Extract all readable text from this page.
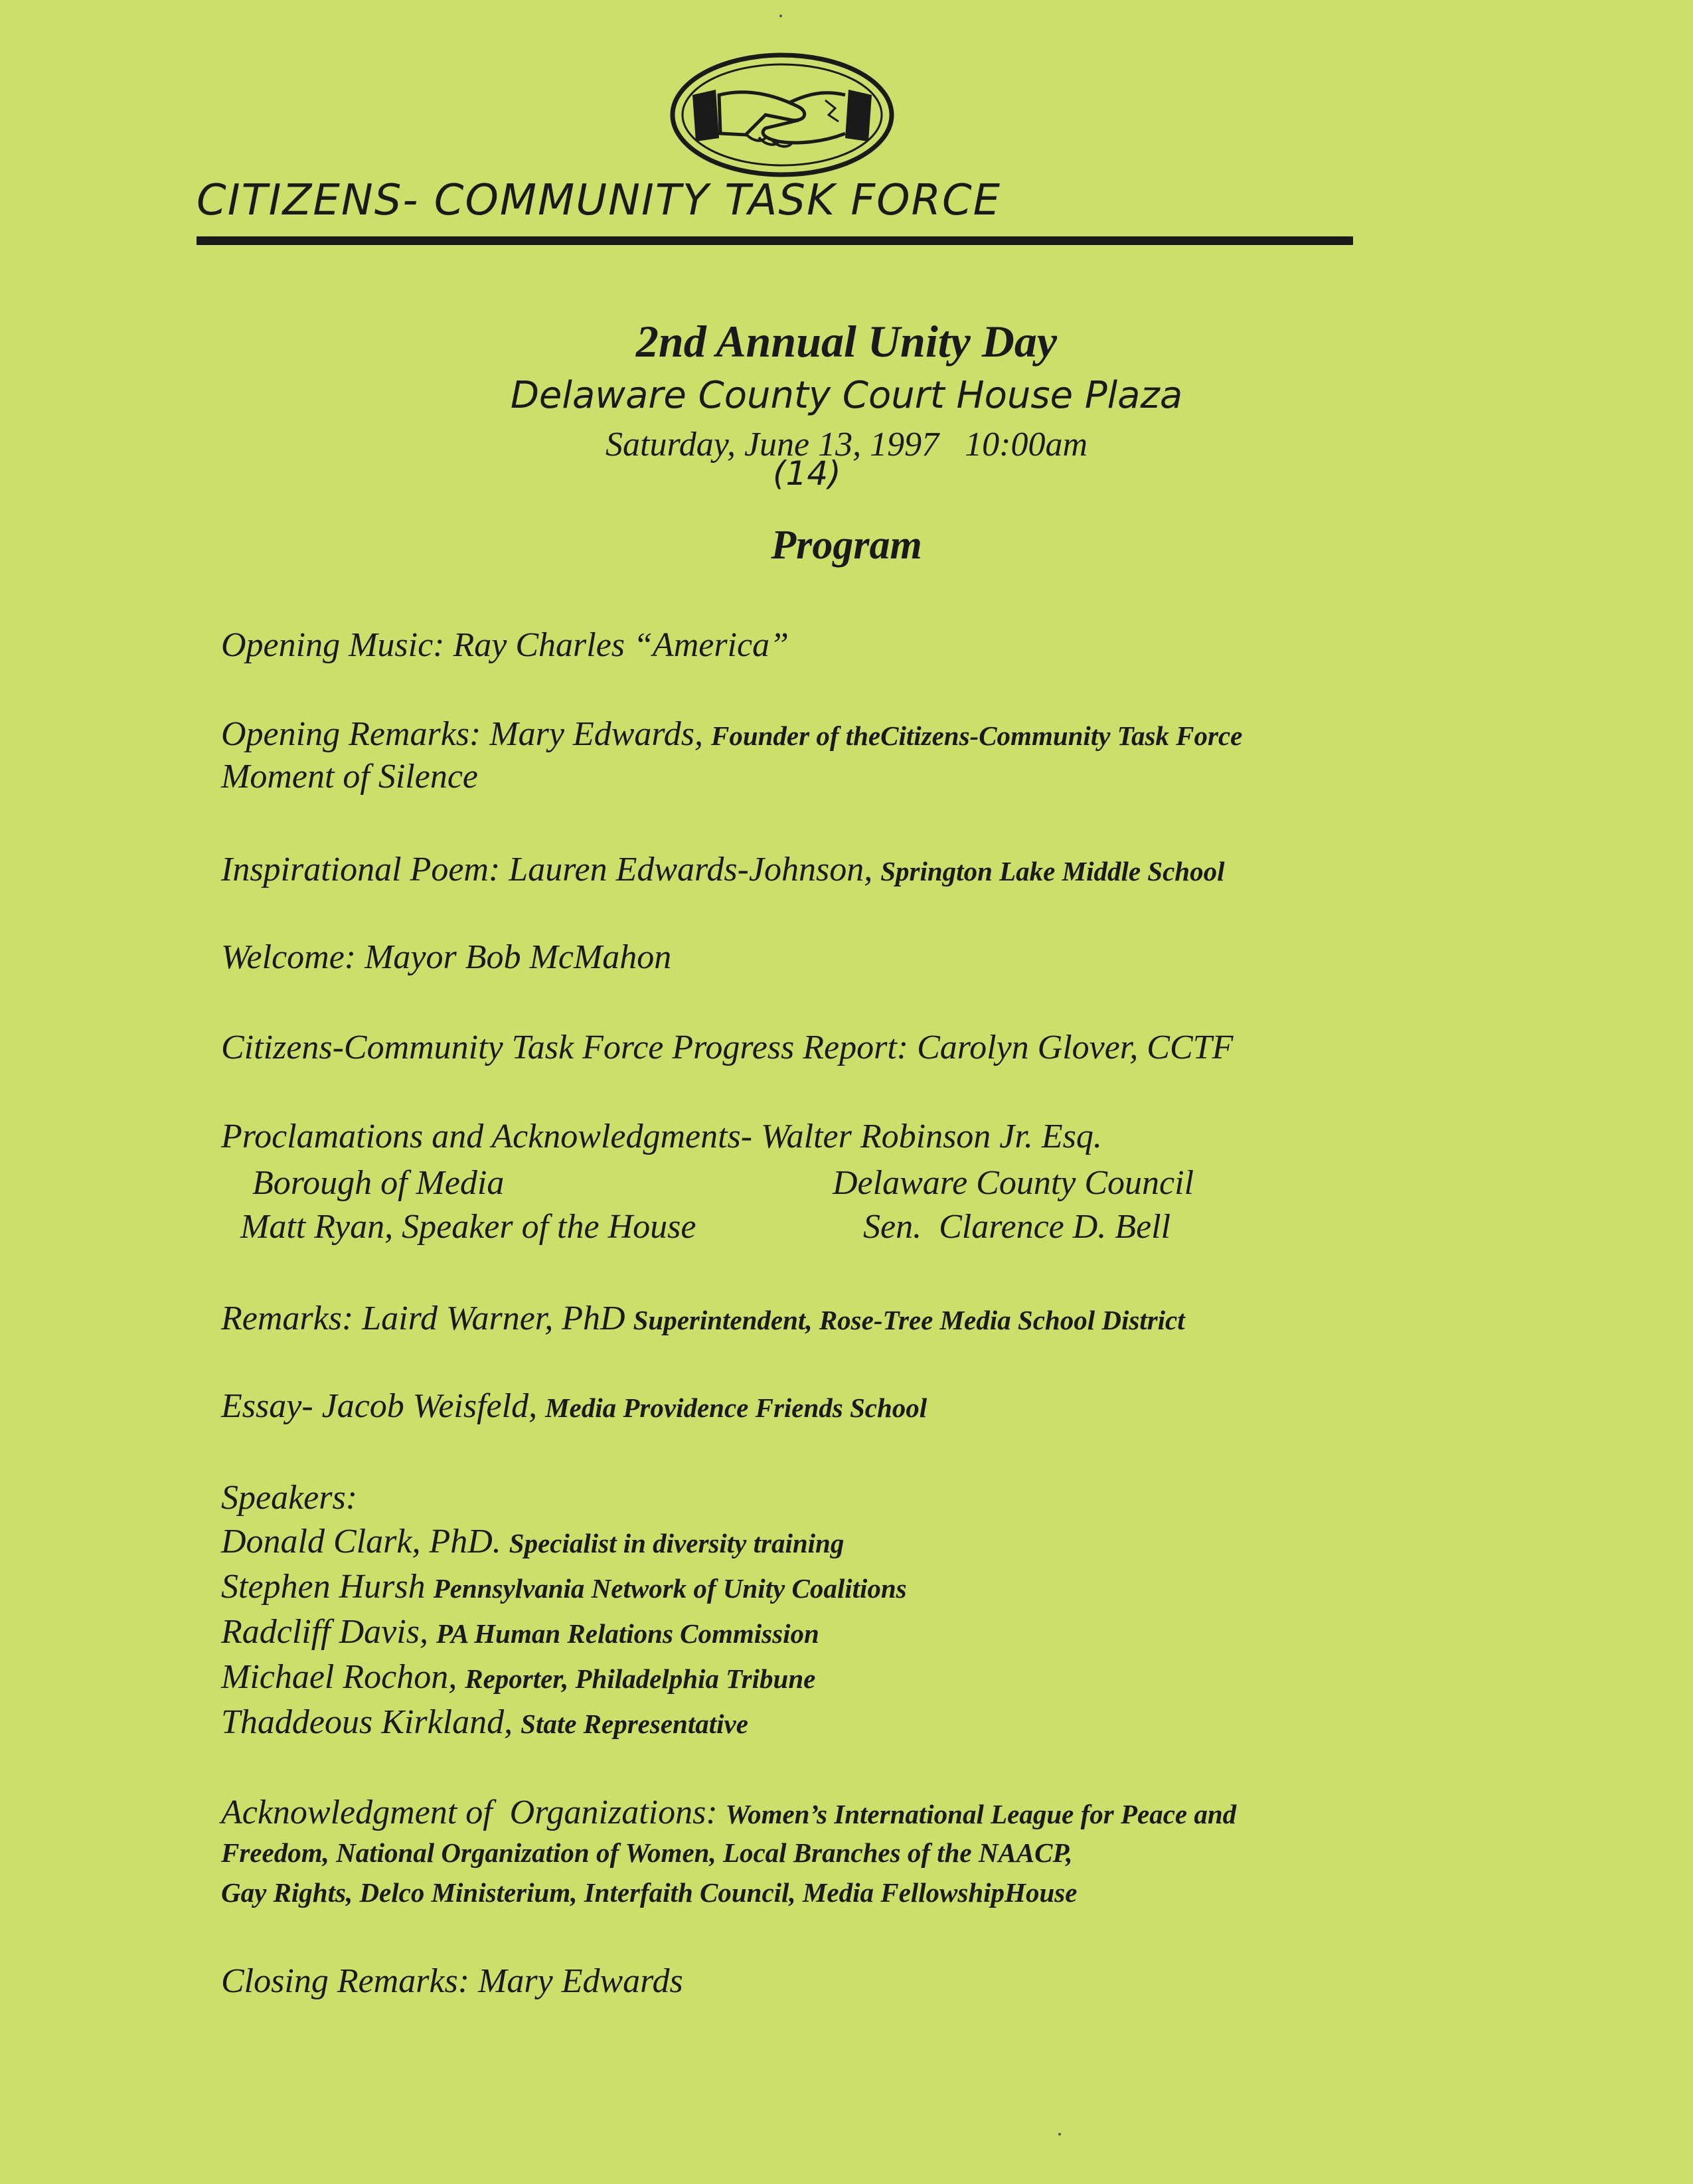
CITIZENS- COMMUNITY TASK FORCE
2nd Annual Unity Day
Delaware County Court House Plaza
Saturday, June 13, 1997   10:00am
(14)
Program
Opening Music: Ray Charles “America”
Opening Remarks: Mary Edwards, Founder of theCitizens-Community Task Force
Moment of Silence
Inspirational Poem: Lauren Edwards-Johnson, Springton Lake Middle School
Welcome: Mayor Bob McMahon
Citizens-Community Task Force Progress Report: Carolyn Glover, CCTF
Proclamations and Acknowledgments- Walter Robinson Jr. Esq.
Borough of Media	Delaware County Council
Matt Ryan, Speaker of the House	Sen.  Clarence D. Bell
Remarks: Laird Warner, PhD Superintendent, Rose-Tree Media School District
Essay- Jacob Weisfeld, Media Providence Friends School
Speakers:
Donald Clark, PhD. Specialist in diversity training
Stephen Hursh Pennsylvania Network of Unity Coalitions
Radcliff Davis, PA Human Relations Commission
Michael Rochon, Reporter, Philadelphia Tribune
Thaddeous Kirkland, State Representative
Acknowledgment of  Organizations: Women’s International League for Peace and
Freedom, National Organization of Women, Local Branches of the NAACP,
Gay Rights, Delco Ministerium, Interfaith Council, Media FellowshipHouse
Closing Remarks: Mary Edwards
